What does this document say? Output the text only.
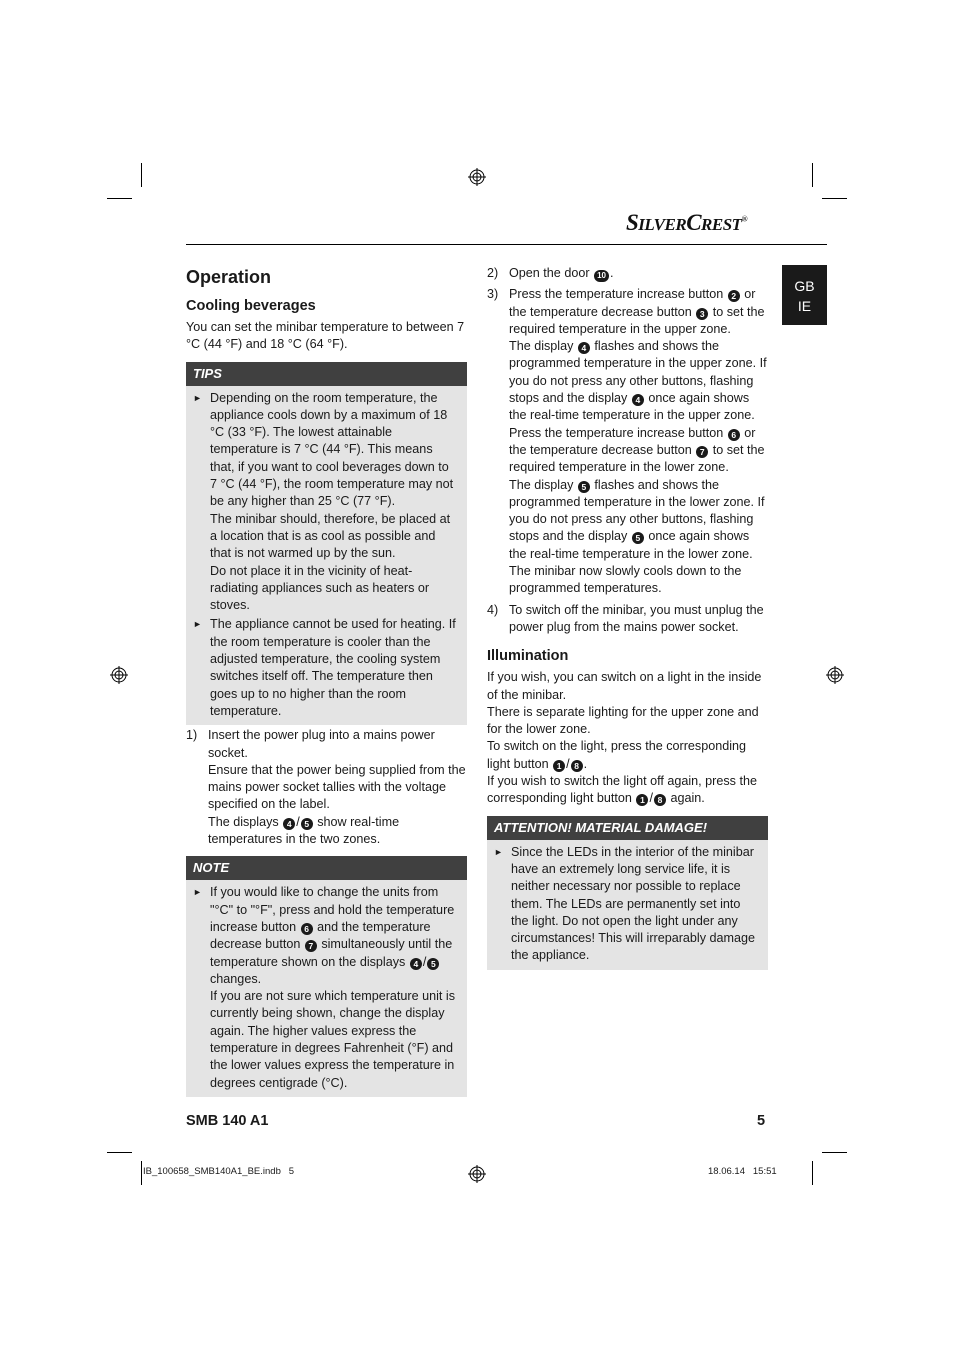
SILVERCREST®
GB
IE
Operation
Cooling beverages

You can set the minibar temperature to between 7 °C (44 °F) and 18 °C (64 °F).

TIPS
► Depending on the room temperature, the appliance cools down by a maximum of 18 °C (33 °F). The lowest attainable temperature is 7 °C (44 °F). This means that, if you want to cool beverages down to 7 °C (44 °F), the room temperature may not be any higher than 25 °C (77 °F).

The minibar should, therefore, be placed at a location that is as cool as possible and that is not warmed up by the sun.

Do not place it in the vicinity of heat-radiating appliances such as heaters or stoves.

► The appliance cannot be used for heating. If the room temperature is cooler than the adjusted temperature, the cooling system switches itself off. The temperature then goes up to no higher than the room temperature.

1) Insert the power plug into a mains power socket.

Ensure that the power being supplied from the mains power socket tallies with the voltage specified on the label.

The displays 4 / 5 show real-time temperatures in the two zones.

NOTE
► If you would like to change the units from "°C" to "°F", press and hold the temperature increase button 6 and the temperature decrease button 7 simultaneously until the temperature shown on the displays 4 / 5 changes.

If you are not sure which temperature unit is currently being shown, change the display again. The higher values express the temperature in degrees Fahrenheit (°F) and the lower values express the temperature in degrees centigrade (°C).

2) Open the door 10 .

3) Press the temperature increase button 2 or the temperature decrease button 3 to set the required temperature in the upper zone.

The display 4 flashes and shows the programmed temperature in the upper zone. If you do not press any other buttons, flashing stops and the display 4 once again shows the real-time temperature in the upper zone.

Press the temperature increase button 6 or the temperature decrease button 7 to set the required temperature in the lower zone.

The display 5 flashes and shows the programmed temperature in the lower zone. If you do not press any other buttons, flashing stops and the display 5 once again shows the real-time temperature in the lower zone.

The minibar now slowly cools down to the programmed temperatures.

4) To switch off the minibar, you must unplug the power plug from the mains power socket.

Illumination

If you wish, you can switch on a light in the inside of the minibar.

There is separate lighting for the upper zone and for the lower zone.

To switch on the light, press the corresponding light button 1 / 8 .

If you wish to switch the light off again, press the corresponding light button 1 / 8 again.

ATTENTION! MATERIAL DAMAGE!
► Since the LEDs in the interior of the minibar have an extremely long service life, it is neither necessary nor possible to replace them. The LEDs are permanently set into the light. Do not open the light under any circumstances! This will irreparably damage the appliance.

SMB 140 A1	5
IB_100658_SMB140A1_BE.indb   5	18.06.14   15:51
